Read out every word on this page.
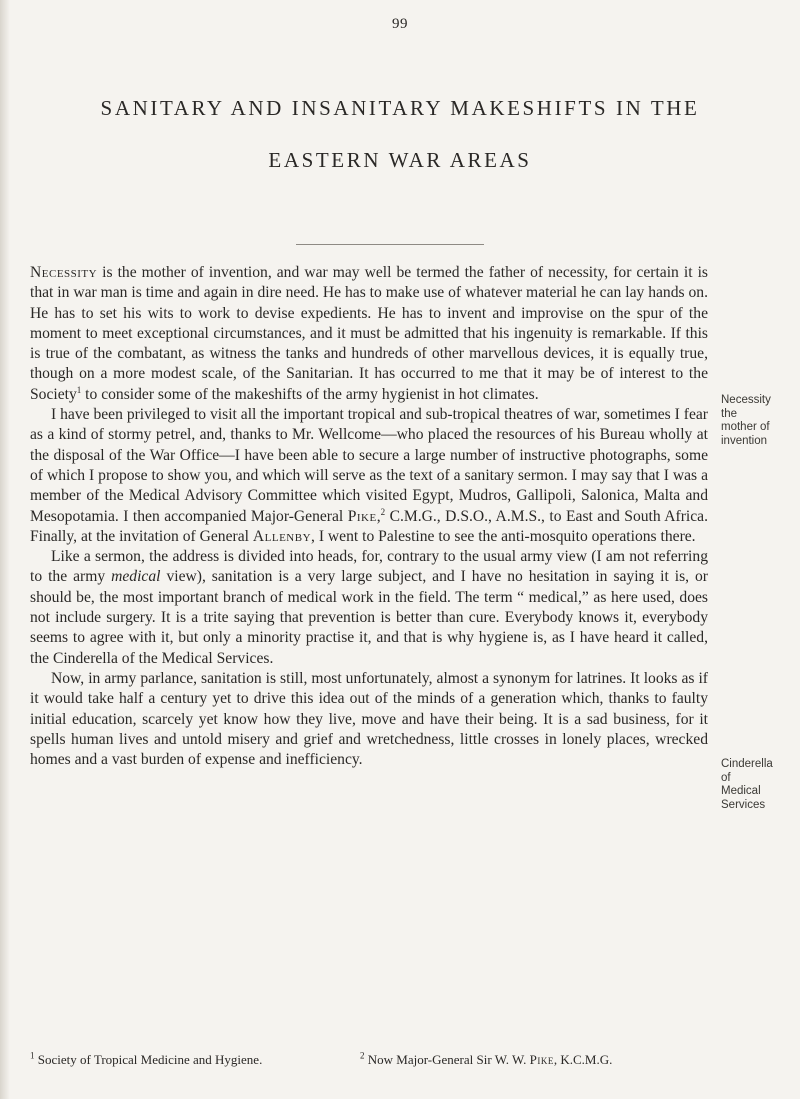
99
SANITARY AND INSANITARY MAKESHIFTS IN THE
EASTERN WAR AREAS

Necessity is the mother of invention, and war may well be termed the father of necessity, for certain it is that in war man is time and again in dire need. He has to make use of whatever material he can lay hands on. He has to set his wits to work to devise expedients. He has to invent and improvise on the spur of the moment to meet exceptional circumstances, and it must be admitted that his ingenuity is remarkable. If this is true of the combatant, as witness the tanks and hundreds of other marvellous devices, it is equally true, though on a more modest scale, of the Sanitarian. It has occurred to me that it may be of interest to the Society$^1$ to consider some of the makeshifts of the army hygienist in hot climates.

I have been privileged to visit all the important tropical and sub-tropical theatres of war, sometimes I fear as a kind of stormy petrel, and, thanks to Mr. Wellcome—who placed the resources of his Bureau wholly at the disposal of the War Office—I have been able to secure a large number of instructive photographs, some of which I propose to show you, and which will serve as the text of a sanitary sermon. I may say that I was a member of the Medical Advisory Committee which visited Egypt, Mudros, Gallipoli, Salonica, Malta and Mesopotamia. I then accompanied Major-General Pike,$^2$ C.M.G., D.S.O., A.M.S., to East and South Africa. Finally, at the invitation of General Allenby, I went to Palestine to see the anti-mosquito operations there.

Like a sermon, the address is divided into heads, for, contrary to the usual army view (I am not referring to the army medical view), sanitation is a very large subject, and I have no hesitation in saying it is, or should be, the most important branch of medical work in the field. The term “ medical,” as here used, does not include surgery. It is a trite saying that prevention is better than cure. Everybody knows it, everybody seems to agree with it, but only a minority practise it, and that is why hygiene is, as I have heard it called, the Cinderella of the Medical Services.

Now, in army parlance, sanitation is still, most unfortunately, almost a synonym for latrines. It looks as if it would take half a century yet to drive this idea out of the minds of a generation which, thanks to faulty initial education, scarcely yet know how they live, move and have their being. It is a sad business, for it spells human lives and untold misery and grief and wretchedness, little crosses in lonely places, wrecked homes and a vast burden of expense and inefficiency.

Necessity
the
mother of
invention
Cinderella
of
Medical
Services
$^1$ Society of Tropical Medicine and Hygiene.	$^2$ Now Major-General Sir W. W. Pike, K.C.M.G.
